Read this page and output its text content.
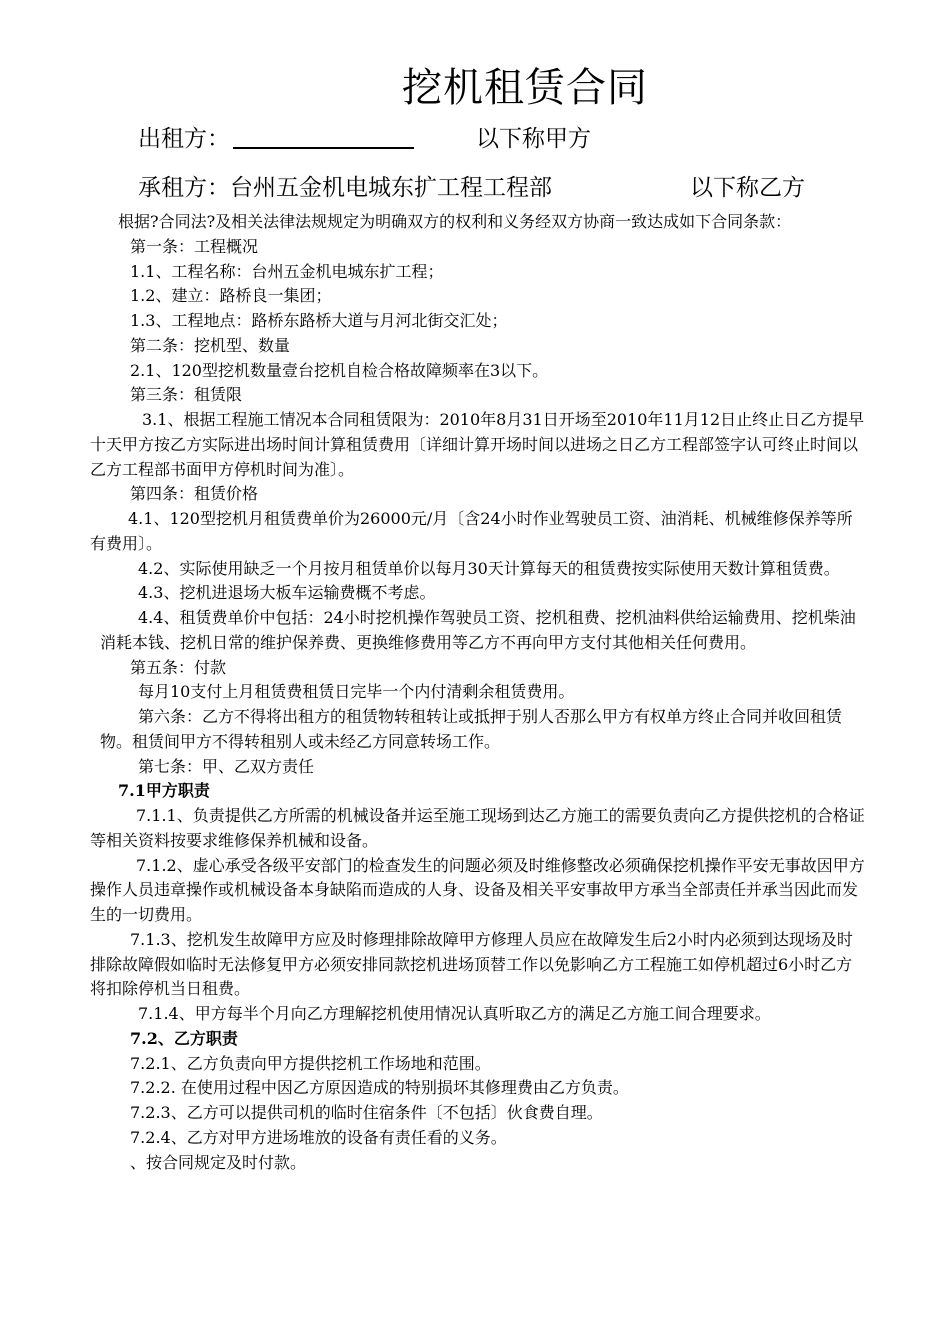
挖机租赁合同
出租方：	以下称甲方
承租方：台州五金机电城东扩工程工程部	以下称乙方

根据?合同法?及相关法律法规规定为明确双方的权利和义务经双方协商一致达成如下合同条款：

第一条：工程概况

1.1、工程名称：台州五金机电城东扩工程；

1.2、建立：路桥良一集团；

1.3、工程地点：路桥东路桥大道与月河北街交汇处；

第二条：挖机型、数量

2.1、120型挖机数量壹台挖机自检合格故障频率在3以下。

第三条：租赁限

3.1、根据工程施工情况本合同租赁限为：2010年8月31日开场至2010年11月12日止终止日乙方提早十天甲方按乙方实际进出场时间计算租赁费用〔详细计算开场时间以进场之日乙方工程部签字认可终止时间以乙方工程部书面甲方停机时间为准〕。

第四条：租赁价格

4.1、120型挖机月租赁费单价为26000元/月〔含24小时作业驾驶员工资、油消耗、机械维修保养等所有费用〕。

4.2、实际使用缺乏一个月按月租赁单价以每月30天计算每天的租赁费按实际使用天数计算租赁费。

4.3、挖机进退场大板车运输费概不考虑。

4.4、租赁费单价中包括：24小时挖机操作驾驶员工资、挖机租费、挖机油料供给运输费用、挖机柴油消耗本钱、挖机日常的维护保养费、更换维修费用等乙方不再向甲方支付其他相关任何费用。

第五条：付款

每月10支付上月租赁费租赁日完毕一个内付清剩余租赁费用。

第六条：乙方不得将出租方的租赁物转租转让或抵押于别人否那么甲方有权单方终止合同并收回租赁物。租赁间甲方不得转租别人或未经乙方同意转场工作。

第七条：甲、乙双方责任

7.1甲方职责

7.1.1、负责提供乙方所需的机械设备并运至施工现场到达乙方施工的需要负责向乙方提供挖机的合格证等相关资料按要求维修保养机械和设备。

7.1.2、虚心承受各级平安部门的检查发生的问题必须及时维修整改必须确保挖机操作平安无事故因甲方操作人员违章操作或机械设备本身缺陷而造成的人身、设备及相关平安事故甲方承当全部责任并承当因此而发生的一切费用。

7.1.3、挖机发生故障甲方应及时修理排除故障甲方修理人员应在故障发生后2小时内必须到达现场及时排除故障假如临时无法修复甲方必须安排同款挖机进场顶替工作以免影响乙方工程施工如停机超过6小时乙方将扣除停机当日租费。

7.1.4、甲方每半个月向乙方理解挖机使用情况认真听取乙方的满足乙方施工间合理要求。

7.2、乙方职责

7.2.1、乙方负责向甲方提供挖机工作场地和范围。

7.2.2. 在使用过程中因乙方原因造成的特别损坏其修理费由乙方负责。

7.2.3、乙方可以提供司机的临时住宿条件〔不包括〕伙食费自理。

7.2.4、乙方对甲方进场堆放的设备有责任看的义务。

、按合同规定及时付款。
